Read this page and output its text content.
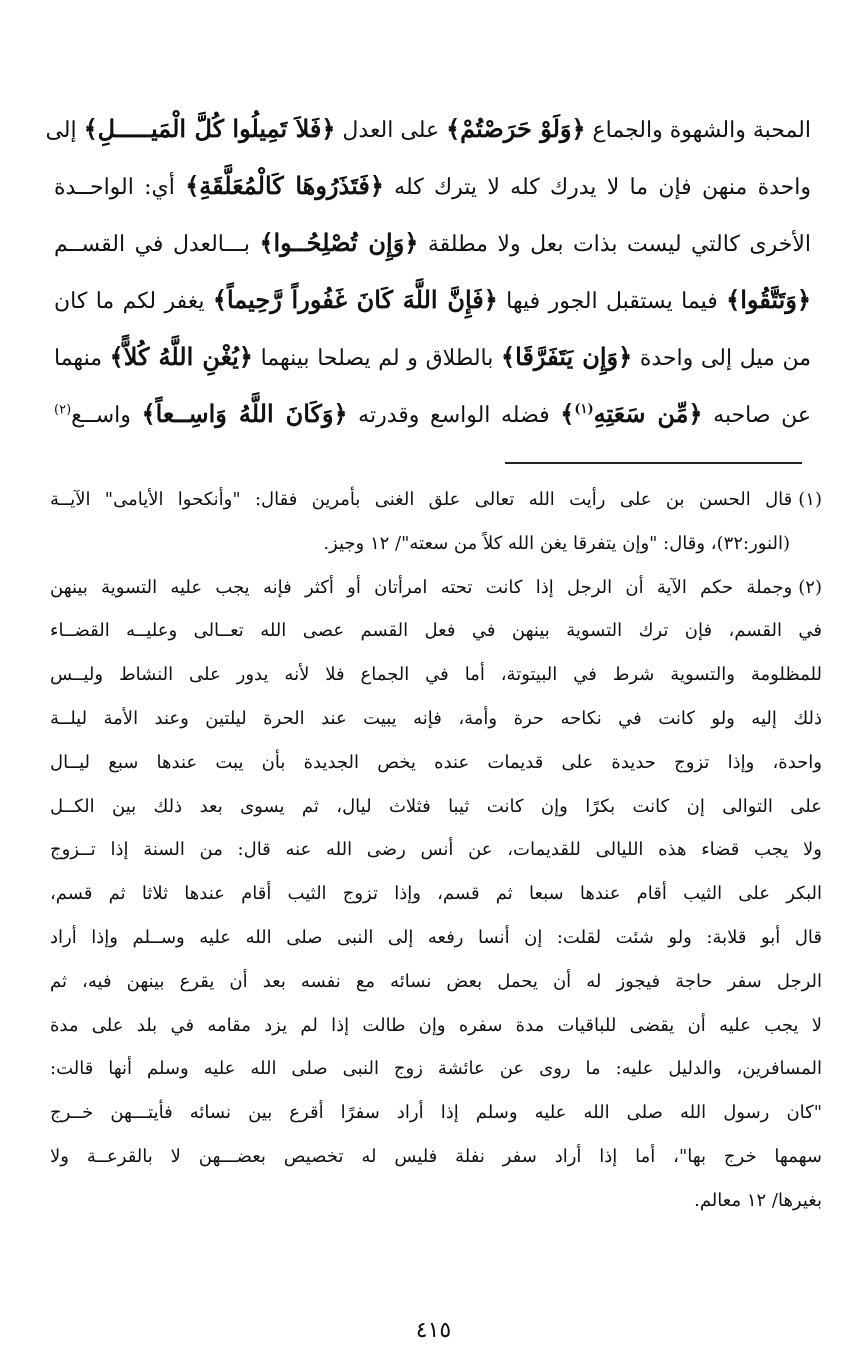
المحبة والشهوة والجماع ﴿وَلَوْ حَرَصْتُمْ﴾ على العدل ﴿فَلاَ تَمِيلُوا كُلَّ الْمَيـــــلِ﴾ إلى
واحدة منهن فإن ما لا يدرك كله لا يترك كله ﴿فَتَذَرُوهَا كَالْمُعَلَّقَةِ﴾ أي: الواحــدة
الأخرى كالتي ليست بذات بعل ولا مطلقة ﴿وَإِن تُصْلِحُــوا﴾ بـــالعدل في القســم
﴿وَتَتَّقُوا﴾ فيما يستقبل الجور فيها ﴿فَإِنَّ اللَّهَ كَانَ غَفُوراً رَّحِيماً﴾ يغفر لكم ما كان
من ميل إلى واحدة ﴿وَإِن يَتَفَرَّقَا﴾ بالطلاق و لم يصلحا بينهما ﴿يُغْنِ اللَّهُ كُلاًّ﴾ منهما
عن صاحبه ﴿مِّن سَعَتِهِ$^{(١)}$﴾ فضله الواسع وقدرته ﴿وَكَانَ اللَّهُ وَاسِــعاً﴾ واســع$^{(٢)}$
(١)قال الحسن بن على رأيت الله تعالى علق الغنى بأمرين فقال: "وأنكحوا الأيامى" الآيــة
(النور:٣٢)، وقال: "وإن يتفرقا يغن الله كلاً من سعته"/ ١٢ وجيز.
(٢)وجملة حكم الآية أن الرجل إذا كانت تحته امرأتان أو أكثر فإنه يجب عليه التسوية بينهن
في القسم، فإن ترك التسوية بينهن في فعل القسم عصى الله تعــالى وعليــه القضــاء
للمظلومة والتسوية شرط في البيتوتة، أما في الجماع فلا لأنه يدور على النشاط وليــس
ذلك إليه ولو كانت في نكاحه حرة وأمة، فإنه يبيت عند الحرة ليلتين وعند الأمة ليلــة
واحدة، وإذا تزوج حديدة على قديمات عنده يخص الجديدة بأن يبت عندها سبع ليــال
على التوالى إن كانت بكرًا وإن كانت ثيبا فثلاث ليال، ثم يسوى بعد ذلك بين الكــل
ولا يجب قضاء هذه الليالى للقديمات، عن أنس رضى الله عنه قال: من السنة إذا تــزوج
البكر على الثيب أقام عندها سبعا ثم قسم، وإذا تزوج الثيب أقام عندها ثلاثا ثم قسم،
قال أبو قلابة: ولو شئت لقلت: إن أنسا رفعه إلى النبى صلى الله عليه وســلم وإذا أراد
الرجل سفر حاجة فيجوز له أن يحمل بعض نسائه مع نفسه بعد أن يقرع بينهن فيه، ثم
لا يجب عليه أن يقضى للباقيات مدة سفره وإن طالت إذا لم يزد مقامه في بلد على مدة
المسافرين، والدليل عليه: ما روى عن عائشة زوج النبى صلى الله عليه وسلم أنها قالت:
"كان رسول الله صلى الله عليه وسلم إذا أراد سفرًا أقرع بين نسائه فأيتـــهن خــرج
سهمها خرج بها"، أما إذا أراد سفر نفلة فليس له تخصيص بعضـــهن لا بالقرعــة ولا
بغيرها/ ١٢ معالم.
٤١٥
